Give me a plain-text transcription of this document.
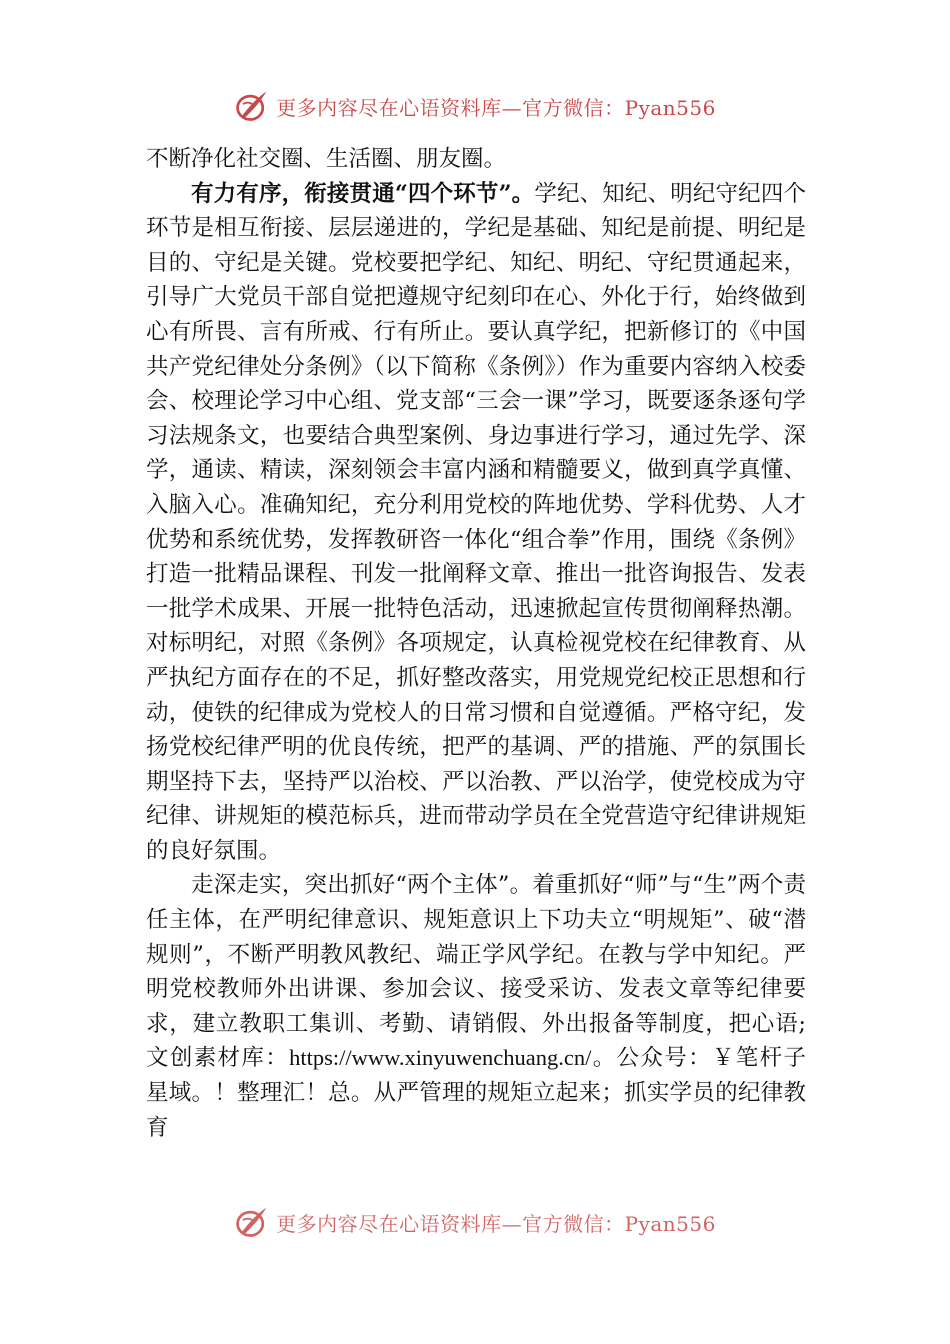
更多内容尽在心语资料库—官方微信：Pyan556

不断净化社交圈、生活圈、朋友圈。

有力有序，衔接贯通“四个环节”。学纪、知纪、明纪守纪四个环节是相互衔接、层层递进的，学纪是基础、知纪是前提、明纪是目的、守纪是关键。党校要把学纪、知纪、明纪、守纪贯通起来，引导广大党员干部自觉把遵规守纪刻印在心、外化于行，始终做到心有所畏、言有所戒、行有所止。要认真学纪，把新修订的《中国共产党纪律处分条例》（以下简称《条例》）作为重要内容纳入校委会、校理论学习中心组、党支部“三会一课”学习，既要逐条逐句学习法规条文，也要结合典型案例、身边事进行学习，通过先学、深学，通读、精读，深刻领会丰富内涵和精髓要义，做到真学真懂、入脑入心。准确知纪，充分利用党校的阵地优势、学科优势、人才优势和系统优势，发挥教研咨一体化“组合拳”作用，围绕《条例》打造一批精品课程、刊发一批阐释文章、推出一批咨询报告、发表一批学术成果、开展一批特色活动，迅速掀起宣传贯彻阐释热潮。对标明纪，对照《条例》各项规定，认真检视党校在纪律教育、从严执纪方面存在的不足，抓好整改落实，用党规党纪校正思想和行动，使铁的纪律成为党校人的日常习惯和自觉遵循。严格守纪，发扬党校纪律严明的优良传统，把严的基调、严的措施、严的氛围长期坚持下去，坚持严以治校、严以治教、严以治学，使党校成为守纪律、讲规矩的模范标兵，进而带动学员在全党营造守纪律讲规矩的良好氛围。

走深走实，突出抓好“两个主体”。着重抓好“师”与“生”两个责任主体，在严明纪律意识、规矩意识上下功夫立“明规矩”、破“潜规则”，不断严明教风教纪、端正学风学纪。在教与学中知纪。严明党校教师外出讲课、参加会议、接受采访、发表文章等纪律要求，建立教职工集训、考勤、请销假、外出报备等制度，把心语;文创素材库：https://www.xinyuwenchuang.cn/。公众号：￥笔杆子星域。！整理汇！总。从严管理的规矩立起来；抓实学员的纪律教育

更多内容尽在心语资料库—官方微信：Pyan556
